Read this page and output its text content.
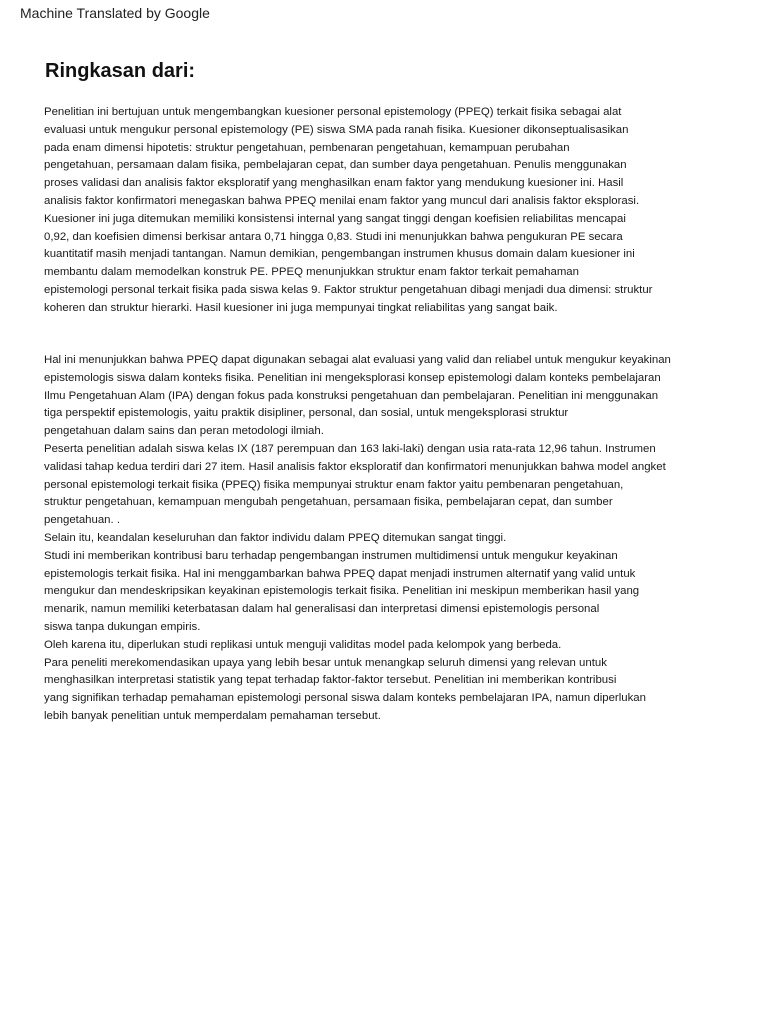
Machine Translated by Google
Ringkasan dari:
Penelitian ini bertujuan untuk mengembangkan kuesioner personal epistemology (PPEQ) terkait fisika sebagai alat
evaluasi untuk mengukur personal epistemology (PE) siswa SMA pada ranah fisika. Kuesioner dikonseptualisasikan
pada enam dimensi hipotetis: struktur pengetahuan, pembenaran pengetahuan, kemampuan perubahan
pengetahuan, persamaan dalam fisika, pembelajaran cepat, dan sumber daya pengetahuan. Penulis menggunakan
proses validasi dan analisis faktor eksploratif yang menghasilkan enam faktor yang mendukung kuesioner ini. Hasil
analisis faktor konfirmatori menegaskan bahwa PPEQ menilai enam faktor yang muncul dari analisis faktor eksplorasi.
Kuesioner ini juga ditemukan memiliki konsistensi internal yang sangat tinggi dengan koefisien reliabilitas mencapai
0,92, dan koefisien dimensi berkisar antara 0,71 hingga 0,83. Studi ini menunjukkan bahwa pengukuran PE secara
kuantitatif masih menjadi tantangan. Namun demikian, pengembangan instrumen khusus domain dalam kuesioner ini
membantu dalam memodelkan konstruk PE. PPEQ menunjukkan struktur enam faktor terkait pemahaman
epistemologi personal terkait fisika pada siswa kelas 9. Faktor struktur pengetahuan dibagi menjadi dua dimensi: struktur
koheren dan struktur hierarki. Hasil kuesioner ini juga mempunyai tingkat reliabilitas yang sangat baik.
Hal ini menunjukkan bahwa PPEQ dapat digunakan sebagai alat evaluasi yang valid dan reliabel untuk mengukur keyakinan
epistemologis siswa dalam konteks fisika. Penelitian ini mengeksplorasi konsep epistemologi dalam konteks pembelajaran
Ilmu Pengetahuan Alam (IPA) dengan fokus pada konstruksi pengetahuan dan pembelajaran. Penelitian ini menggunakan
tiga perspektif epistemologis, yaitu praktik disipliner, personal, dan sosial, untuk mengeksplorasi struktur
pengetahuan dalam sains dan peran metodologi ilmiah.
Peserta penelitian adalah siswa kelas IX (187 perempuan dan 163 laki-laki) dengan usia rata-rata 12,96 tahun. Instrumen
validasi tahap kedua terdiri dari 27 item. Hasil analisis faktor eksploratif dan konfirmatori menunjukkan bahwa model angket
personal epistemologi terkait fisika (PPEQ) fisika mempunyai struktur enam faktor yaitu pembenaran pengetahuan,
struktur pengetahuan, kemampuan mengubah pengetahuan, persamaan fisika, pembelajaran cepat, dan sumber
pengetahuan. .
Selain itu, keandalan keseluruhan dan faktor individu dalam PPEQ ditemukan sangat tinggi.
Studi ini memberikan kontribusi baru terhadap pengembangan instrumen multidimensi untuk mengukur keyakinan
epistemologis terkait fisika. Hal ini menggambarkan bahwa PPEQ dapat menjadi instrumen alternatif yang valid untuk
mengukur dan mendeskripsikan keyakinan epistemologis terkait fisika. Penelitian ini meskipun memberikan hasil yang
menarik, namun memiliki keterbatasan dalam hal generalisasi dan interpretasi dimensi epistemologis personal
siswa tanpa dukungan empiris.
Oleh karena itu, diperlukan studi replikasi untuk menguji validitas model pada kelompok yang berbeda.
Para peneliti merekomendasikan upaya yang lebih besar untuk menangkap seluruh dimensi yang relevan untuk
menghasilkan interpretasi statistik yang tepat terhadap faktor-faktor tersebut. Penelitian ini memberikan kontribusi
yang signifikan terhadap pemahaman epistemologi personal siswa dalam konteks pembelajaran IPA, namun diperlukan
lebih banyak penelitian untuk memperdalam pemahaman tersebut.
